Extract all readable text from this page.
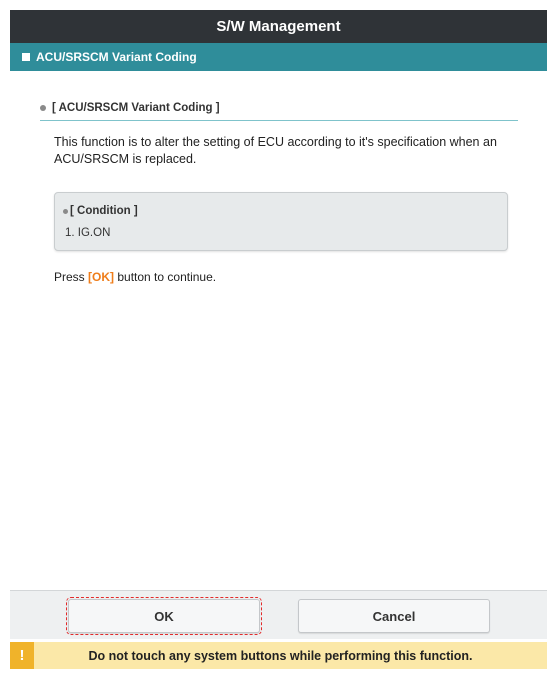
S/W Management
ACU/SRSCM Variant Coding
[ ACU/SRSCM Variant Coding ]
This function is to alter the setting of ECU according to it's specification when an ACU/SRSCM is replaced.
[ Condition ]
1. IG.ON
Press [OK] button to continue.
OK	Cancel
!	Do not touch any system buttons while performing this function.
